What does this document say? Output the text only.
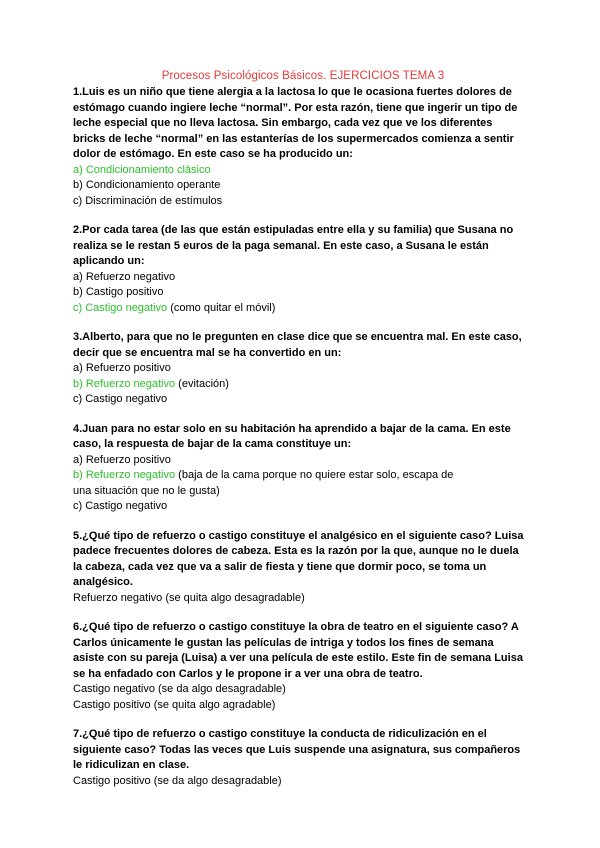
Procesos Psicológicos Básicos. EJERCICIOS TEMA 3

1.Luis es un niño que tiene alergia a la lactosa lo que le ocasiona fuertes dolores de

estómago cuando ingiere leche “normal”. Por esta razón, tiene que ingerir un tipo de

leche especial que no lleva lactosa. Sin embargo, cada vez que ve los diferentes

bricks de leche “normal” en las estanterías de los supermercados comienza a sentir

dolor de estómago. En este caso se ha producido un:

a) Condicionamiento clásico

b) Condicionamiento operante

c) Discriminación de estímulos

2.Por cada tarea (de las que están estipuladas entre ella y su familia) que Susana no

realiza se le restan 5 euros de la paga semanal. En este caso, a Susana le están

aplicando un:

a) Refuerzo negativo

b) Castigo positivo

c) Castigo negativo (como quitar el móvil)

3.Alberto, para que no le pregunten en clase dice que se encuentra mal. En este caso,

decir que se encuentra mal se ha convertido en un:

a) Refuerzo positivo

b) Refuerzo negativo (evitación)

c) Castigo negativo

4.Juan para no estar solo en su habitación ha aprendido a bajar de la cama. En este

caso, la respuesta de bajar de la cama constituye un:

a) Refuerzo positivo

b) Refuerzo negativo (baja de la cama porque no quiere estar solo, escapa de

una situación que no le gusta)

c) Castigo negativo

5.¿Qué tipo de refuerzo o castigo constituye el analgésico en el siguiente caso? Luisa

padece frecuentes dolores de cabeza. Esta es la razón por la que, aunque no le duela

la cabeza, cada vez que va a salir de fiesta y tiene que dormir poco, se toma un

analgésico.

Refuerzo negativo (se quita algo desagradable)

6.¿Qué tipo de refuerzo o castigo constituye la obra de teatro en el siguiente caso? A

Carlos únicamente le gustan las películas de intriga y todos los fines de semana

asiste con su pareja (Luisa) a ver una película de este estilo. Este fin de semana Luisa

se ha enfadado con Carlos y le propone ir a ver una obra de teatro.

Castigo negativo (se da algo desagradable)

Castigo positivo (se quita algo agradable)

7.¿Qué tipo de refuerzo o castigo constituye la conducta de ridiculización en el

siguiente caso? Todas las veces que Luis suspende una asignatura, sus compañeros

le ridiculizan en clase.

Castigo positivo (se da algo desagradable)
